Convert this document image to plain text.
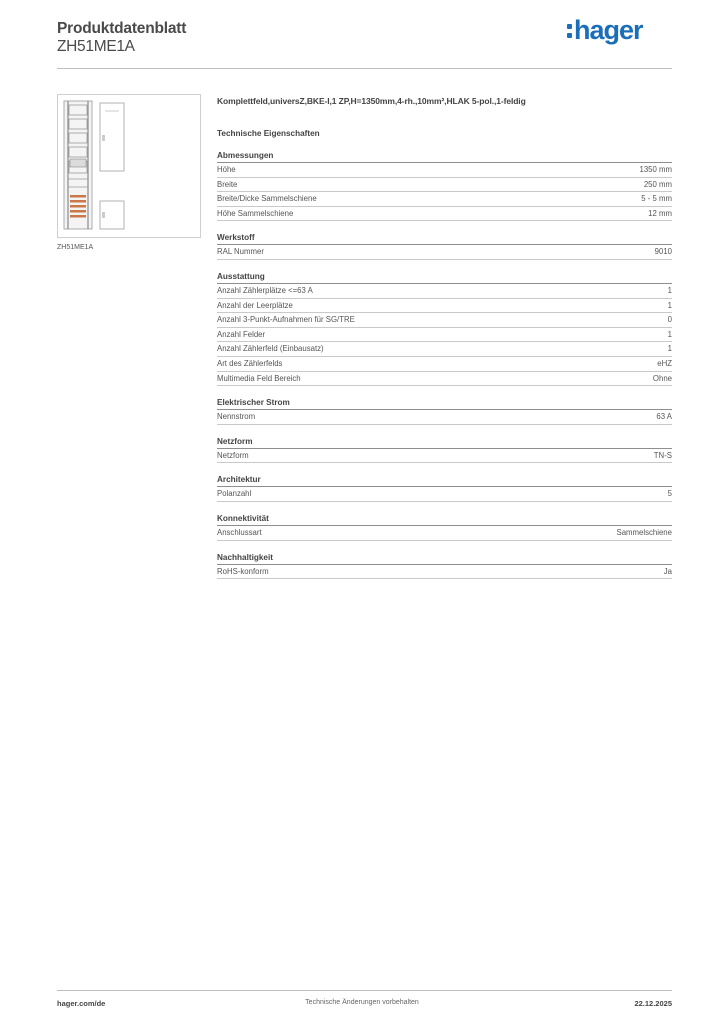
Produktdatenblatt
ZH51ME1A
hager
ZH51ME1A
Komplettfeld,universZ,BKE-I,1 ZP,H=1350mm,4-rh.,10mm²,HLAK 5-pol.,1-feldig
Technische Eigenschaften
Abmessungen
Höhe	1350 mm
Breite	250 mm
Breite/Dicke Sammelschiene	5 - 5 mm
Höhe Sammelschiene	12 mm
Werkstoff
RAL Nummer	9010
Ausstattung
Anzahl Zählerplätze <=63 A	1
Anzahl der Leerplätze	1
Anzahl 3-Punkt-Aufnahmen für SG/TRE	0
Anzahl Felder	1
Anzahl Zählerfeld (Einbausatz)	1
Art des Zählerfelds	eHZ
Multimedia Feld Bereich	Ohne
Elektrischer Strom
Nennstrom	63 A
Netzform
Netzform	TN-S
Architektur
Polanzahl	5
Konnektivität
Anschlussart	Sammelschiene
Nachhaltigkeit
RoHS-konform	Ja
hager.com/de	Technische Änderungen vorbehalten	22.12.2025
